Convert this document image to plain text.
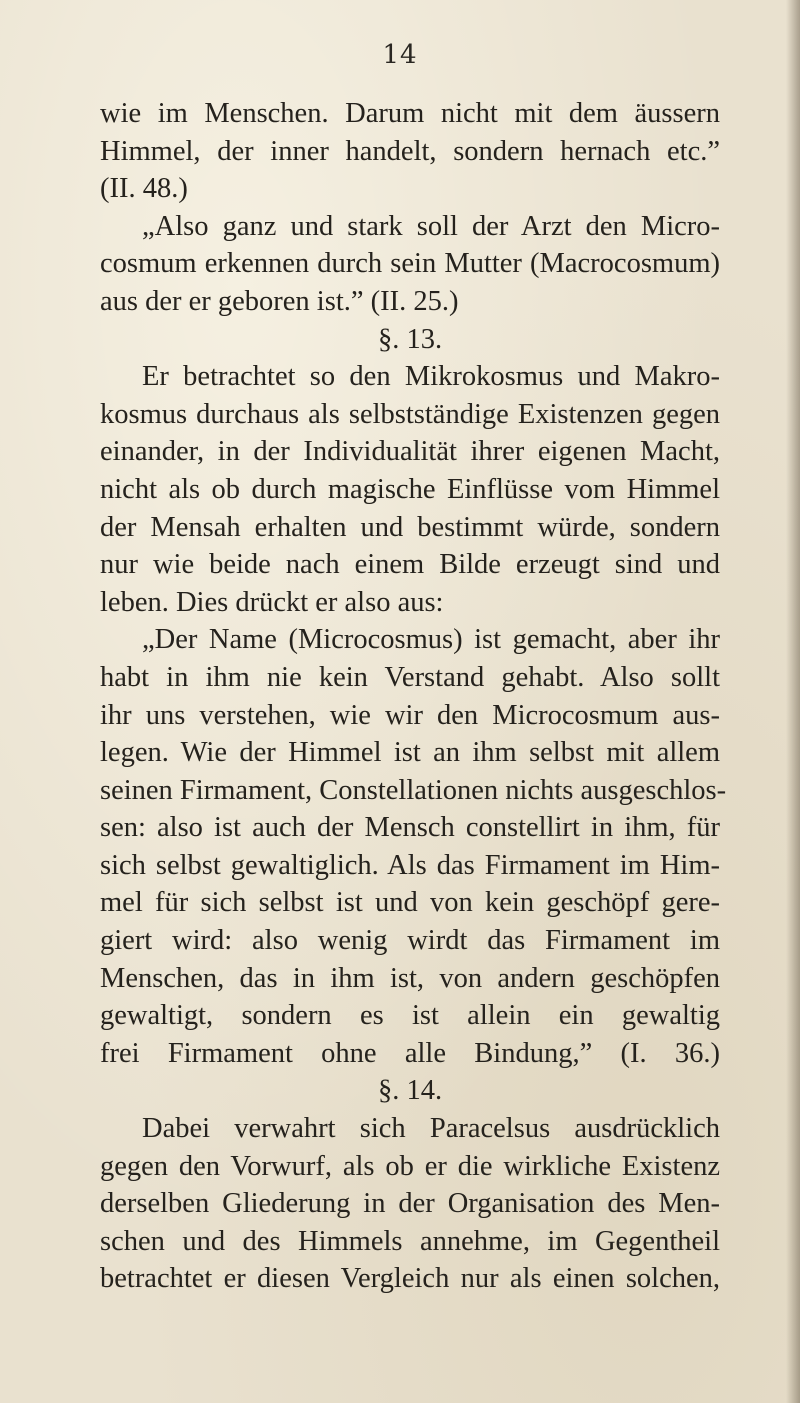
14
wie im Menschen. Darum nicht mit dem äussern
Himmel, der inner handelt, sondern hernach etc.”
(II. 48.)
„Also ganz und stark soll der Arzt den Micro-
cosmum erkennen durch sein Mutter (Macrocosmum)
aus der er geboren ist.” (II. 25.)
§. 13.
Er betrachtet so den Mikrokosmus und Makro-
kosmus durchaus als selbstständige Existenzen gegen
einander, in der Individualität ihrer eigenen Macht,
nicht als ob durch magische Einflüsse vom Himmel
der Mensah erhalten und bestimmt würde, sondern
nur wie beide nach einem Bilde erzeugt sind und
leben. Dies drückt er also aus:
„Der Name (Microcosmus) ist gemacht, aber ihr
habt in ihm nie kein Verstand gehabt. Also sollt
ihr uns verstehen, wie wir den Microcosmum aus-
legen. Wie der Himmel ist an ihm selbst mit allem
seinen Firmament, Constellationen nichts ausgeschlos-
sen: also ist auch der Mensch constellirt in ihm, für
sich selbst gewaltiglich. Als das Firmament im Him-
mel für sich selbst ist und von kein geschöpf gere-
giert wird: also wenig wirdt das Firmament im
Menschen, das in ihm ist, von andern geschöpfen
gewaltigt, sondern es ist allein ein gewaltig
frei Firmament ohne alle Bindung,” (I. 36.)
§. 14.
Dabei verwahrt sich Paracelsus ausdrücklich
gegen den Vorwurf, als ob er die wirkliche Existenz
derselben Gliederung in der Organisation des Men-
schen und des Himmels annehme, im Gegentheil
betrachtet er diesen Vergleich nur als einen solchen,
